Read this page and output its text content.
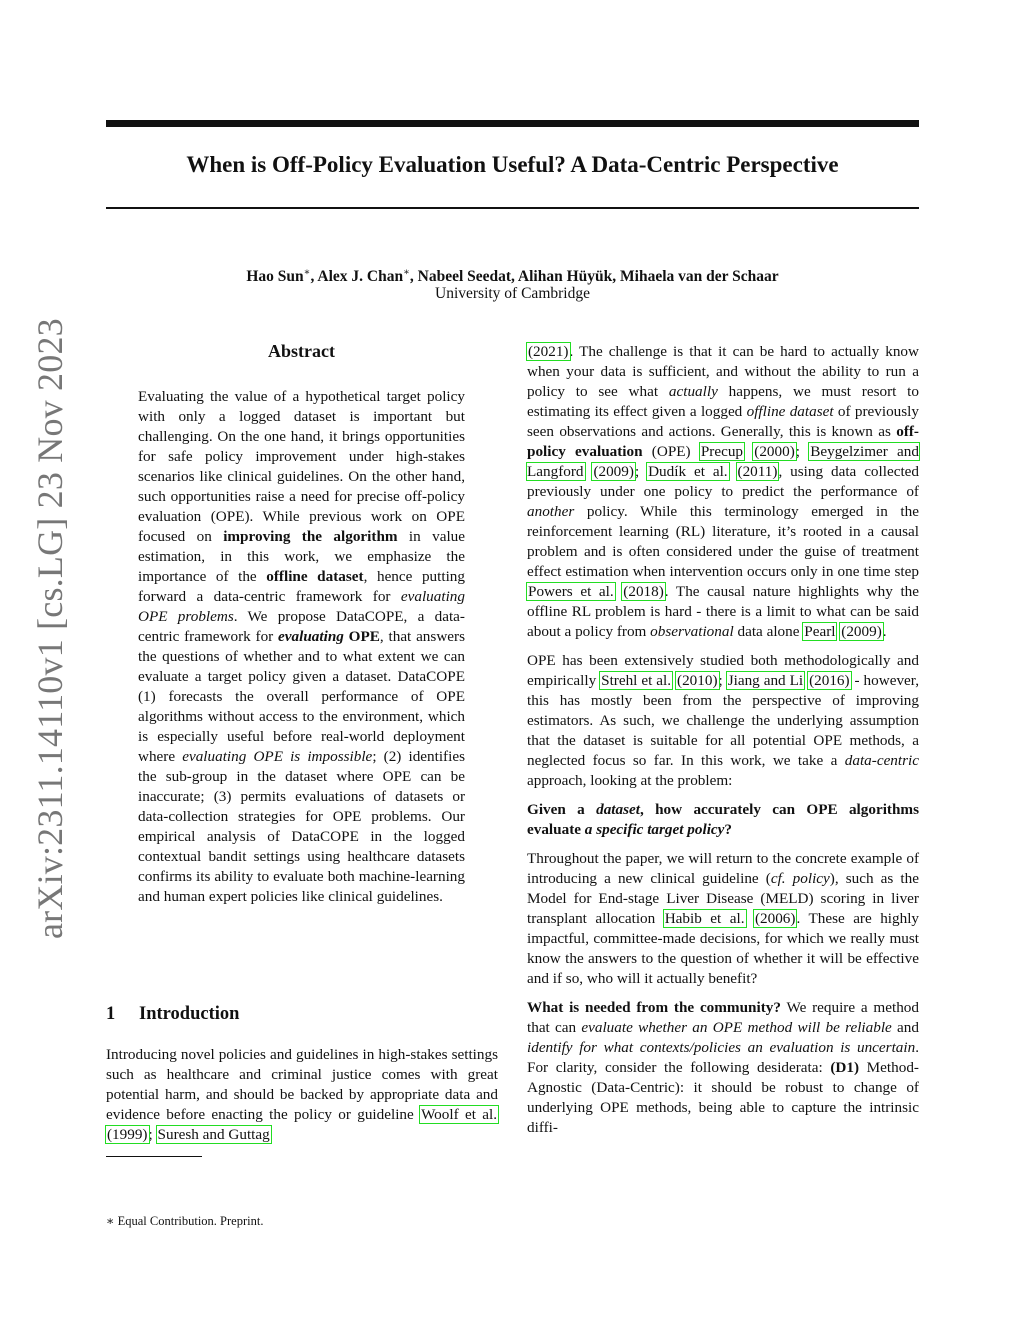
When is Off-Policy Evaluation Useful? A Data-Centric Perspective
Hao Sun∗, Alex J. Chan∗, Nabeel Seedat, Alihan Hüyük, Mihaela van der Schaar
University of Cambridge
arXiv:2311.14110v1 [cs.LG] 23 Nov 2023	Abstract

Evaluating the value of a hypothetical target policy with only a logged dataset is important but challenging. On the one hand, it brings opportunities for safe policy improvement under high-stakes scenarios like clinical guidelines. On the other hand, such opportunities raise a need for precise off-policy evaluation (OPE). While previous work on OPE focused on improving the algorithm in value estimation, in this work, we emphasize the importance of the offline dataset, hence putting forward a data-centric framework for evaluating OPE problems. We propose DataCOPE, a data-centric framework for evaluating OPE, that answers the questions of whether and to what extent we can evaluate a target policy given a dataset. DataCOPE (1) forecasts the overall performance of OPE algorithms without access to the environment, which is especially useful before real-world deployment where evaluating OPE is impossible; (2) identifies the sub-group in the dataset where OPE can be inaccurate; (3) permits evaluations of datasets or data-collection strategies for OPE problems. Our empirical analysis of DataCOPE in the logged contextual bandit settings using healthcare datasets confirms its ability to evaluate both machine-learning and human expert policies like clinical guidelines.

1 Introduction

Introducing novel policies and guidelines in high-stakes settings such as healthcare and criminal justice comes with great potential harm, and should be backed by appropriate data and evidence before enacting the policy or guideline Woolf et al. (1999); Suresh and Guttag

∗ Equal Contribution. Preprint.

(2021). The challenge is that it can be hard to actually know when your data is sufficient, and without the ability to run a policy to see what actually happens, we must resort to estimating its effect given a logged offline dataset of previously seen observations and actions. Generally, this is known as off-policy evaluation (OPE) Precup (2000); Beygelzimer and Langford (2009); Dudík et al. (2011), using data collected previously under one policy to predict the performance of another policy. While this terminology emerged in the reinforcement learning (RL) literature, it’s rooted in a causal problem and is often considered under the guise of treatment effect estimation when intervention occurs only in one time step Powers et al. (2018). The causal nature highlights why the offline RL problem is hard - there is a limit to what can be said about a policy from observational data alone Pearl (2009).

OPE has been extensively studied both methodologically and empirically Strehl et al. (2010); Jiang and Li (2016) - however, this has mostly been from the perspective of improving estimators. As such, we challenge the underlying assumption that the dataset is suitable for all potential OPE methods, a neglected focus so far. In this work, we take a data-centric approach, looking at the problem:

Given a dataset, how accurately can OPE algorithms evaluate a specific target policy?

Throughout the paper, we will return to the concrete example of introducing a new clinical guideline (cf. policy), such as the Model for End-stage Liver Disease (MELD) scoring in liver transplant allocation Habib et al. (2006). These are highly impactful, committee-made decisions, for which we really must know the answers to the question of whether it will be effective and if so, who will it actually benefit?

What is needed from the community? We require a method that can evaluate whether an OPE method will be reliable and identify for what contexts/policies an evaluation is uncertain. For clarity, consider the following desiderata: (D1) Method-Agnostic (Data-Centric): it should be robust to change of underlying OPE methods, being able to capture the intrinsic diffi-
